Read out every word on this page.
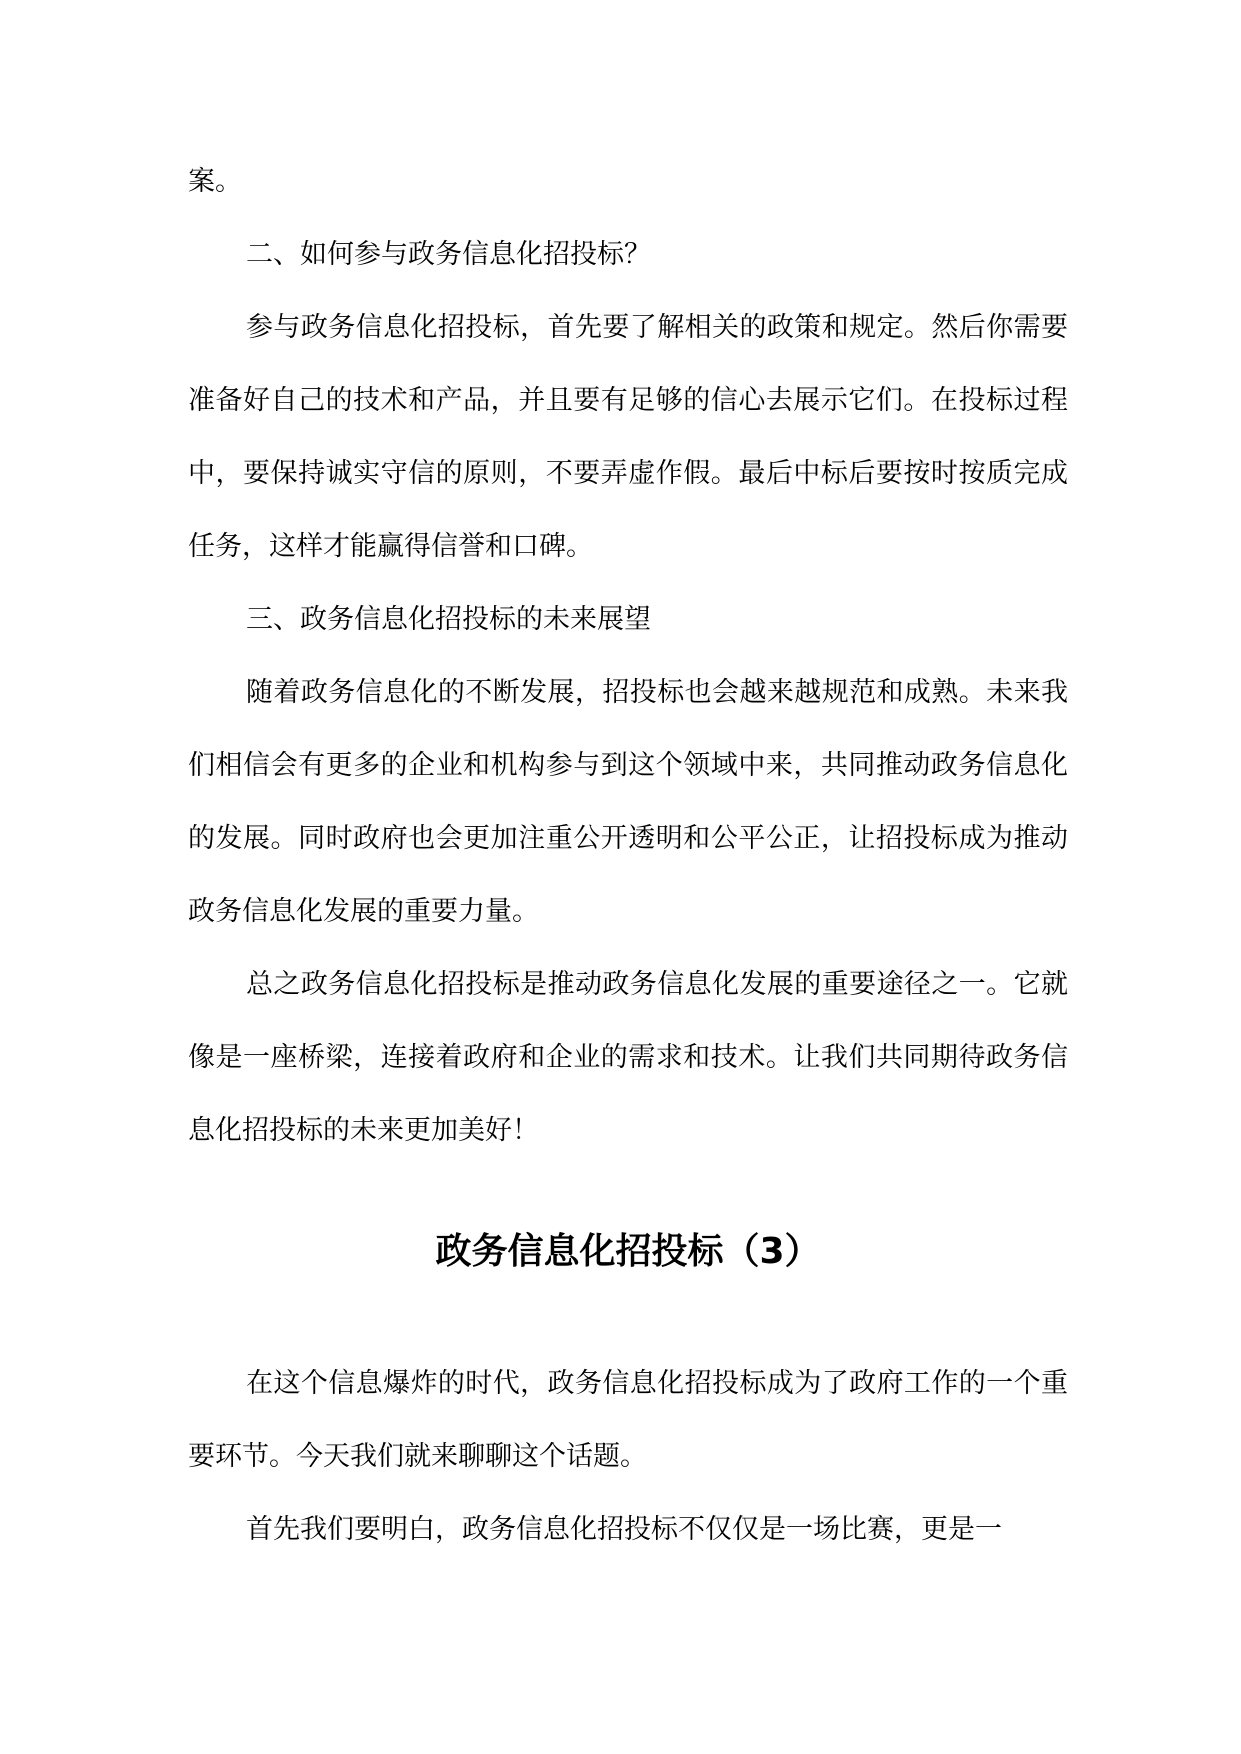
案。

二、如何参与政务信息化招投标？

参与政务信息化招投标，首先要了解相关的政策和规定。然后你需要准备好自己的技术和产品，并且要有足够的信心去展示它们。在投标过程中，要保持诚实守信的原则，不要弄虚作假。最后中标后要按时按质完成任务，这样才能赢得信誉和口碑。

三、政务信息化招投标的未来展望

随着政务信息化的不断发展，招投标也会越来越规范和成熟。未来我们相信会有更多的企业和机构参与到这个领域中来，共同推动政务信息化的发展。同时政府也会更加注重公开透明和公平公正，让招投标成为推动政务信息化发展的重要力量。

总之政务信息化招投标是推动政务信息化发展的重要途径之一。它就像是一座桥梁，连接着政府和企业的需求和技术。让我们共同期待政务信息化招投标的未来更加美好！

政务信息化招投标（3）

在这个信息爆炸的时代，政务信息化招投标成为了政府工作的一个重要环节。今天我们就来聊聊这个话题。

首先我们要明白，政务信息化招投标不仅仅是一场比赛，更是一
